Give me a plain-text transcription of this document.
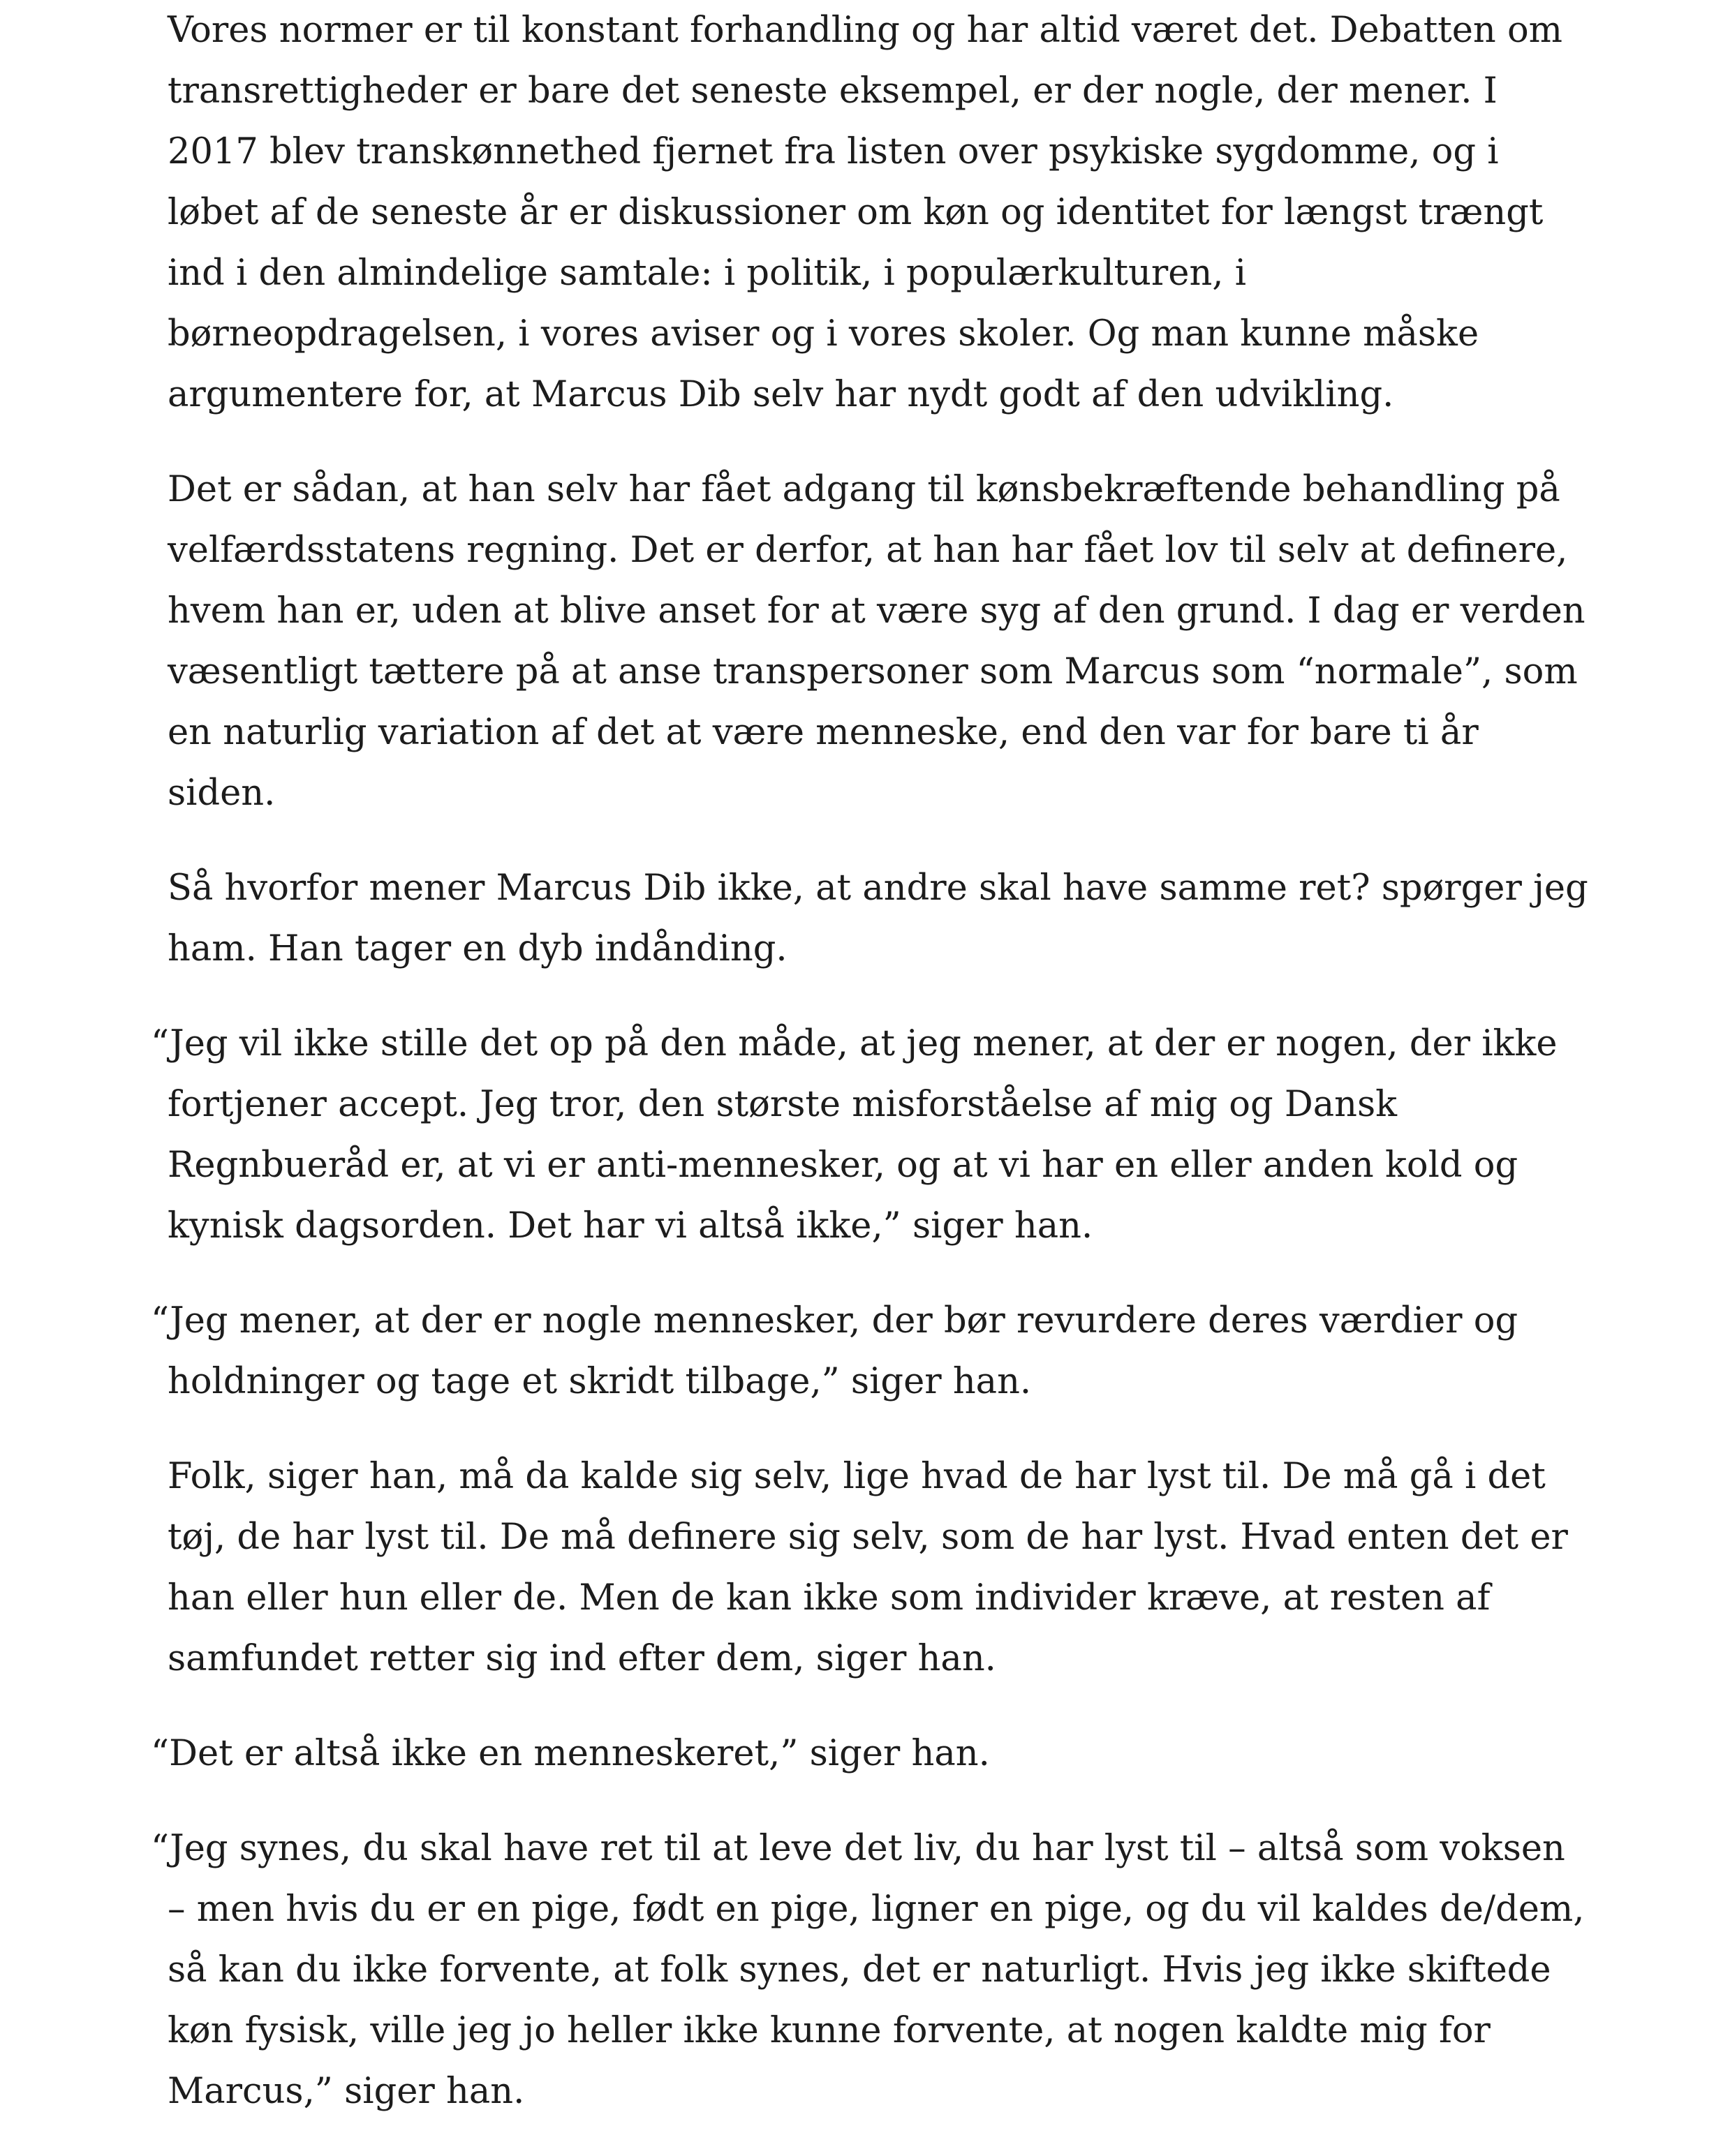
Vores normer er til konstant forhandling og har altid været det. Debatten om transrettigheder er bare det seneste eksempel, er der nogle, der mener. I 2017 blev transkønnethed fjernet fra listen over psykiske sygdomme, og i løbet af de seneste år er diskussioner om køn og identitet for længst trængt ind i den almindelige samtale: i politik, i populærkulturen, i børneopdragelsen, i vores aviser og i vores skoler. Og man kunne måske argumentere for, at Marcus Dib selv har nydt godt af den udvikling.

Det er sådan, at han selv har fået adgang til kønsbekræftende behandling på velfærdsstatens regning. Det er derfor, at han har fået lov til selv at definere, hvem han er, uden at blive anset for at være syg af den grund. I dag er verden væsentligt tættere på at anse transpersoner som Marcus som “normale”, som en naturlig variation af det at være menneske, end den var for bare ti år siden.

Så hvorfor mener Marcus Dib ikke, at andre skal have samme ret? spørger jeg ham. Han tager en dyb indånding.

“Jeg vil ikke stille det op på den måde, at jeg mener, at der er nogen, der ikke fortjener accept. Jeg tror, den største misforståelse af mig og Dansk Regnbueråd er, at vi er anti-mennesker, og at vi har en eller anden kold og kynisk dagsorden. Det har vi altså ikke,” siger han.

“Jeg mener, at der er nogle mennesker, der bør revurdere deres værdier og holdninger og tage et skridt tilbage,” siger han.

Folk, siger han, må da kalde sig selv, lige hvad de har lyst til. De må gå i det tøj, de har lyst til. De må definere sig selv, som de har lyst. Hvad enten det er han eller hun eller de. Men de kan ikke som individer kræve, at resten af samfundet retter sig ind efter dem, siger han.

“Det er altså ikke en menneskeret,” siger han.

“Jeg synes, du skal have ret til at leve det liv, du har lyst til – altså som voksen – men hvis du er en pige, født en pige, ligner en pige, og du vil kaldes de/dem, så kan du ikke forvente, at folk synes, det er naturligt. Hvis jeg ikke skiftede køn fysisk, ville jeg jo heller ikke kunne forvente, at nogen kaldte mig for Marcus,” siger han.
